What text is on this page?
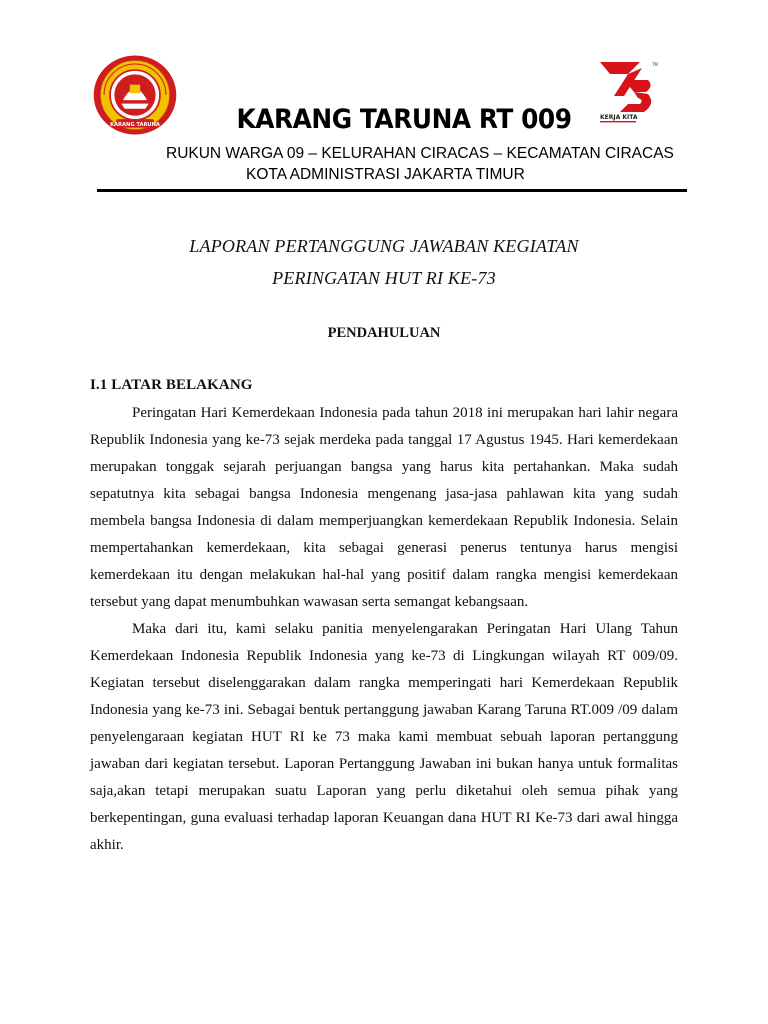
KARANG TARUNA
TM
KERJA KITA
KARANG TARUNA RT 009
RUKUN WARGA 09 – KELURAHAN CIRACAS – KECAMATAN CIRACAS
KOTA ADMINISTRASI JAKARTA TIMUR
LAPORAN PERTANGGUNG JAWABAN KEGIATAN
PERINGATAN HUT RI KE-73
PENDAHULUAN
I.1 LATAR BELAKANG

Peringatan Hari Kemerdekaan Indonesia pada tahun 2018 ini merupakan hari lahir negara Republik Indonesia yang ke-73 sejak merdeka pada tanggal 17 Agustus 1945. Hari kemerdekaan merupakan tonggak sejarah perjuangan bangsa yang harus kita pertahankan. Maka sudah sepatutnya kita sebagai bangsa Indonesia mengenang jasa-jasa pahlawan kita yang sudah membela bangsa Indonesia di dalam memperjuangkan kemerdekaan Republik Indonesia. Selain mempertahankan kemerdekaan, kita sebagai generasi penerus tentunya harus mengisi kemerdekaan itu dengan melakukan hal-hal yang positif dalam rangka mengisi kemerdekaan tersebut yang dapat menumbuhkan wawasan serta semangat kebangsaan.

Maka dari itu, kami selaku panitia menyelengarakan Peringatan Hari Ulang Tahun Kemerdekaan Indonesia Republik Indonesia yang ke-73 di Lingkungan wilayah RT 009/09. Kegiatan tersebut diselenggarakan dalam rangka memperingati hari Kemerdekaan Republik Indonesia yang ke-73 ini. Sebagai bentuk pertanggung jawaban Karang Taruna RT.009 /09 dalam penyelengaraan kegiatan HUT RI ke 73 maka kami membuat sebuah laporan pertanggung jawaban dari kegiatan tersebut. Laporan Pertanggung Jawaban ini bukan hanya untuk formalitas saja,akan tetapi merupakan suatu Laporan yang perlu diketahui oleh semua pihak yang berkepentingan, guna evaluasi terhadap laporan Keuangan dana HUT RI Ke-73 dari awal hingga akhir.
